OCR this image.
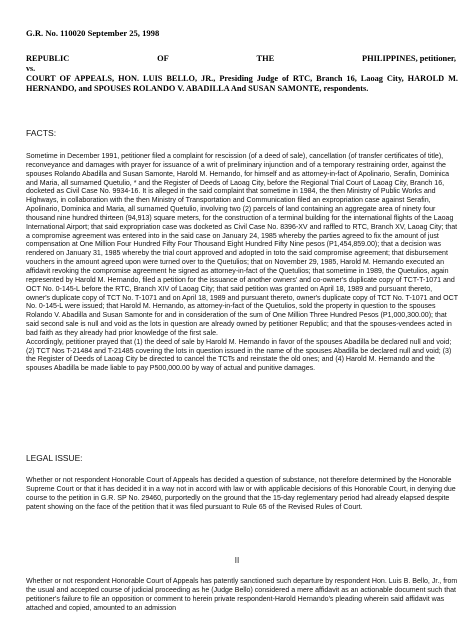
G.R. No. 110020 September 25, 1998
REPUBLIC	OF	THE	PHILIPPINES, petitioner,
vs.
COURT OF APPEALS, HON. LUIS BELLO, JR., Presiding Judge of RTC, Branch 16, Laoag City, HAROLD M. HERNANDO, and SPOUSES ROLANDO V. ABADILLA And SUSAN SAMONTE, respondents.
FACTS:

Sometime in December 1991, petitioner filed a complaint for rescission (of a deed of sale), cancellation (of transfer certificates of title), reconveyance and damages with prayer for issuance of a writ of preliminary injunction and of a temporary restraining order, against the spouses Rolando Abadilla and Susan Samonte, Harold M. Hernando, for himself and as attorney-in-fact of Apolinario, Serafin, Dominica and Maria, all surnamed Quetulio, * and the Register of Deeds of Laoag City, before the Regional Trial Court of Laoag City, Branch 16, docketed as Civil Case No. 9934-16. It is alleged in the said complaint that sometime in 1984, the then Ministry of Public Works and Highways, in collaboration with the then Ministry of Transportation and Communication filed an expropriation case against Serafin, Apolinario, Dominica and Maria, all surnamed Quetulio, involving two (2) parcels of land containing an aggregate area of ninety four thousand nine hundred thirteen (94,913) square meters, for the construction of a terminal building for the international flights of the Laoag International Airport; that said expropriation case was docketed as Civil Case No. 8396-XV and raffled to RTC, Branch XV, Laoag City; that a compromise agreement was entered into in the said case on January 24, 1985 whereby the parties agreed to fix the amount of just compensation at One Million Four Hundred Fifty Four Thousand Eight Hundred Fifty Nine pesos (P1,454,859.00); that a decision was rendered on January 31, 1985 whereby the trial court approved and adopted in toto the said compromise agreement; that disbursement vouchers in the amount agreed upon were turned over to the Quetulios; that on November 29, 1985, Harold M. Hernando executed an affidavit revoking the compromise agreement he signed as attorney-in-fact of the Quetulios; that sometime in 1989, the Quetulios, again represented by Harold M. Hernando, filed a petition for the issuance of another owners' and co-owner's duplicate copy of TCT-T-1071 and OCT No. 0-145-L before the RTC, Branch XIV of Laoag City; that said petition was granted on April 18, 1989 and pursuant thereto, owner's duplicate copy of TCT No. T-1071 and on April 18, 1989 and pursuant thereto, owner's duplicate copy of TCT No. T-1071 and OCT No. 0-145-L were issued; that Harold M. Hernando, as attorney-in-fact of the Quetulios, sold the property in question to the spouses Rolando V. Abadilla and Susan Samonte for and in consideration of the sum of One Million Three Hundred Pesos (P1,000,300.00); that said second sale is null and void as the lots in question are already owned by petitioner Republic; and that the spouses-vendees acted in bad faith as they already had prior knowledge of the first sale.

Accordingly, petitioner prayed that (1) the deed of sale by Harold M. Hernando in favor of the spouses Abadilla be declared null and void; (2) TCT Nos T-21484 and T-21485 covering the lots in question issued in the name of the spouses Abadilla be declared null and void; (3) the Register of Deeds of Laoag City be directed to cancel the TCTs and reinstate the old ones; and (4) Harold M. Hernando and the spouses Abadilla be made liable to pay P500,000.00 by way of actual and punitive damages.

LEGAL ISSUE:

Whether or not respondent Honorable Court of Appeals has decided a question of substance, not therefore determined by the Honorable Supreme Court or that it has decided it in a way not in accord with law or with applicable decisions of this Honorable Court, in denying due course to the petition in G.R. SP No. 29460, purportedly on the ground that the 15-day reglementary period had already elapsed despite patent showing on the face of the petition that it was filed pursuant to Rule 65 of the Revised Rules of Court.

II

Whether or not respondent Honorable Court of Appeals has patently sanctioned such departure by respondent Hon. Luis B. Bello, Jr., from the usual and accepted course of judicial proceeding as he (Judge Bello) considered a mere affidavit as an actionable document such that petitioner's failure to file an opposition or comment to herein private respondent-Harold Hernando's pleading wherein said affidavit was attached and copied, amounted to an admission
